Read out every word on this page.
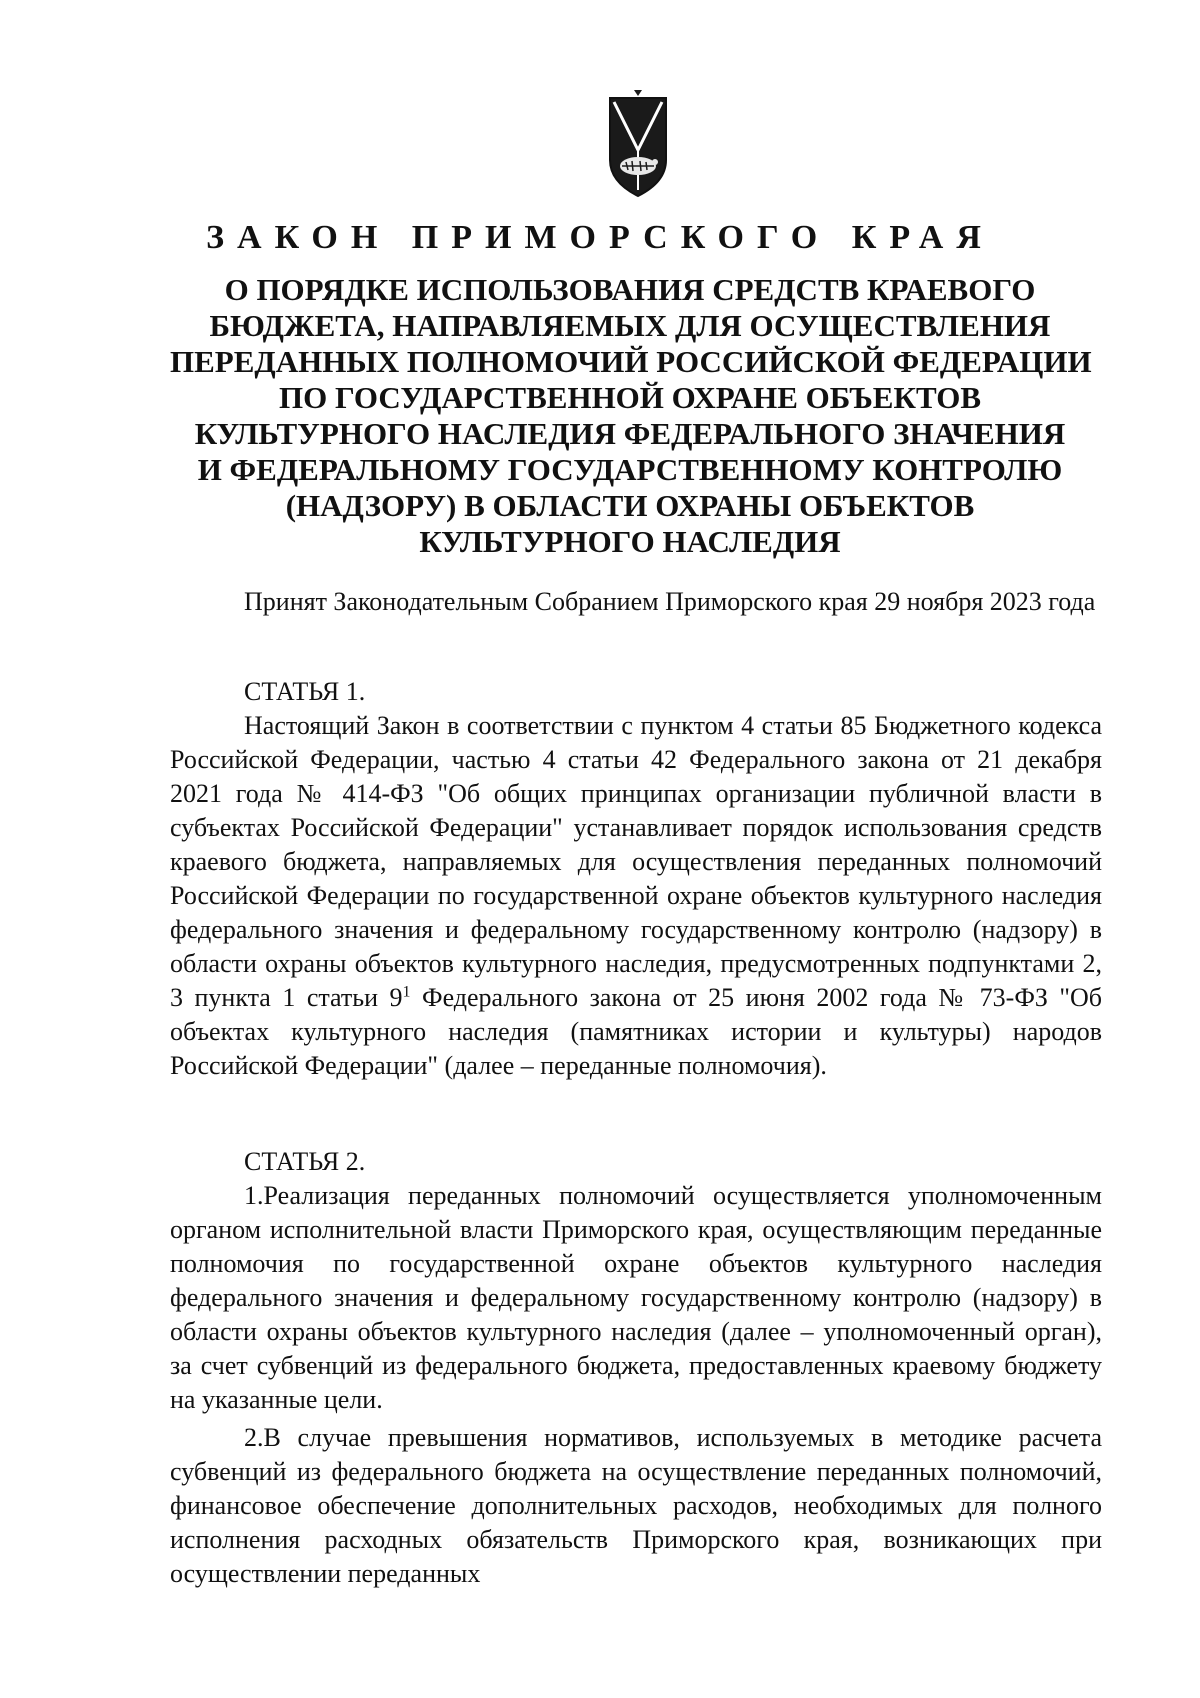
ЗАКОН ПРИМОРСКОГО КРАЯ
О ПОРЯДКЕ ИСПОЛЬЗОВАНИЯ СРЕДСТВ КРАЕВОГО
БЮДЖЕТА, НАПРАВЛЯЕМЫХ ДЛЯ ОСУЩЕСТВЛЕНИЯ
ПЕРЕДАННЫХ ПОЛНОМОЧИЙ РОССИЙСКОЙ ФЕДЕРАЦИИ
ПО ГОСУДАРСТВЕННОЙ ОХРАНЕ ОБЪЕКТОВ
КУЛЬТУРНОГО НАСЛЕДИЯ ФЕДЕРАЛЬНОГО ЗНАЧЕНИЯ
И ФЕДЕРАЛЬНОМУ ГОСУДАРСТВЕННОМУ КОНТРОЛЮ
(НАДЗОРУ) В ОБЛАСТИ ОХРАНЫ ОБЪЕКТОВ
КУЛЬТУРНОГО НАСЛЕДИЯ

Принят Законодательным Собранием Приморского края 29 ноября 2023 года

СТАТЬЯ 1.

Настоящий Закон в соответствии с пунктом 4 статьи 85 Бюджетного кодекса Российской Федерации, частью 4 статьи 42 Федерального закона от 21 декабря 2021 года № 414-ФЗ "Об общих принципах организации публичной власти в субъектах Российской Федерации" устанавливает порядок использования средств краевого бюджета, направляемых для осуществления переданных полномочий Российской Федерации по государственной охране объектов культурного наследия федерального значения и федеральному государственному контролю (надзору) в области охраны объектов культурного наследия, предусмотренных подпунктами 2, 3 пункта 1 статьи $9^1$ Федерального закона от 25 июня 2002 года № 73-ФЗ "Об объектах культурного наследия (памятниках истории и культуры) народов Российской Федерации" (далее – переданные полномочия).

СТАТЬЯ 2.

1.Реализация переданных полномочий осуществляется уполномоченным органом исполнительной власти Приморского края, осуществляющим переданные полномочия по государственной охране объектов культурного наследия федерального значения и федеральному государственному контролю (надзору) в области охраны объектов культурного наследия (далее – уполномоченный орган), за счет субвенций из федерального бюджета, предоставленных краевому бюджету на указанные цели.

2.В случае превышения нормативов, используемых в методике расчета субвенций из федерального бюджета на осуществление переданных полномочий, финансовое обеспечение дополнительных расходов, необходимых для полного исполнения расходных обязательств Приморского края, возникающих при осуществлении переданных
